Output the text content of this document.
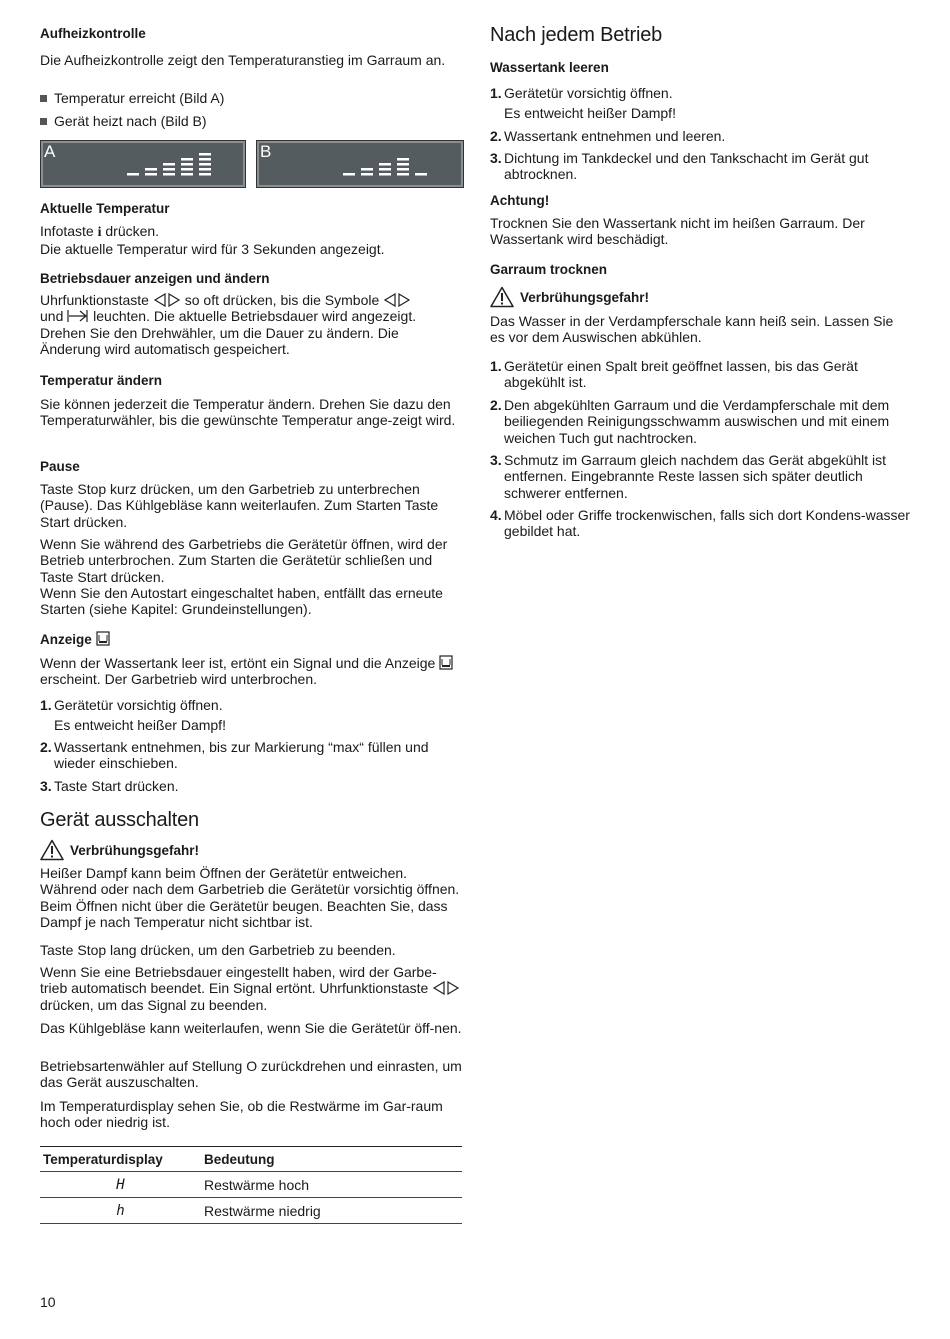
Aufheizkontrolle
Die Aufheizkontrolle zeigt den Temperaturanstieg im Garraum an.
Temperatur erreicht (Bild A)
Gerät heizt nach (Bild B)
A	B
Aktuelle Temperatur
Infotaste i drücken.
Die aktuelle Temperatur wird für 3 Sekunden angezeigt.
Betriebsdauer anzeigen und ändern
Uhrfunktionstaste	so oft drücken, bis die Symbole
und leuchten. Die aktuelle Betriebsdauer wird angezeigt.
Drehen Sie den Drehwähler, um die Dauer zu ändern. Die Änderung wird automatisch gespeichert.
Temperatur ändern
Sie können jederzeit die Temperatur ändern. Drehen Sie dazu den Temperaturwähler, bis die gewünschte Temperatur ange-zeigt wird.
Pause
Taste Stop kurz drücken, um den Garbetrieb zu unterbrechen (Pause). Das Kühlgebläse kann weiterlaufen. Zum Starten Taste Start drücken.
Wenn Sie während des Garbetriebs die Gerätetür öffnen, wird der Betrieb unterbrochen. Zum Starten die Gerätetür schließen und Taste Start drücken.
Wenn Sie den Autostart eingeschaltet haben, entfällt das erneute Starten (siehe Kapitel: Grundeinstellungen).
Anzeige
Wenn der Wassertank leer ist, ertönt ein Signal und die Anzeige  erscheint. Der Garbetrieb wird unterbrochen.
1. Gerätetür vorsichtig öffnen.
Es entweicht heißer Dampf!
2. Wassertank entnehmen, bis zur Markierung “max“ füllen und wieder einschieben.
3. Taste Start drücken.
Gerät ausschalten
Verbrühungsgefahr!
Heißer Dampf kann beim Öffnen der Gerätetür entweichen. Während oder nach dem Garbetrieb die Gerätetür vorsichtig öffnen. Beim Öffnen nicht über die Gerätetür beugen. Beachten Sie, dass Dampf je nach Temperatur nicht sichtbar ist.
Taste Stop lang drücken, um den Garbetrieb zu beenden.
Wenn Sie eine Betriebsdauer eingestellt haben, wird der Garbe-trieb automatisch beendet. Ein Signal ertönt. Uhrfunktionstaste  drücken, um das Signal zu beenden.
Das Kühlgebläse kann weiterlaufen, wenn Sie die Gerätetür öff-nen.
Betriebsartenwähler auf Stellung O zurückdrehen und einrasten, um das Gerät auszuschalten.
Im Temperaturdisplay sehen Sie, ob die Restwärme im Gar-raum hoch oder niedrig ist.
Temperaturdisplay	Bedeutung
H	Restwärme hoch
h	Restwärme niedrig
10
Nach jedem Betrieb
Wassertank leeren
1. Gerätetür vorsichtig öffnen.
Es entweicht heißer Dampf!
2. Wassertank entnehmen und leeren.
3. Dichtung im Tankdeckel und den Tankschacht im Gerät gut abtrocknen.
Achtung!
Trocknen Sie den Wassertank nicht im heißen Garraum. Der Wassertank wird beschädigt.
Garraum trocknen
Verbrühungsgefahr!
Das Wasser in der Verdampferschale kann heiß sein. Lassen Sie es vor dem Auswischen abkühlen.
1. Gerätetür einen Spalt breit geöffnet lassen, bis das Gerät abgekühlt ist.
2. Den abgekühlten Garraum und die Verdampferschale mit dem beiliegenden Reinigungsschwamm auswischen und mit einem weichen Tuch gut nachtrocken.
3. Schmutz im Garraum gleich nachdem das Gerät abgekühlt ist entfernen. Eingebrannte Reste lassen sich später deutlich schwerer entfernen.
4. Möbel oder Griffe trockenwischen, falls sich dort Kondens-wasser gebildet hat.
